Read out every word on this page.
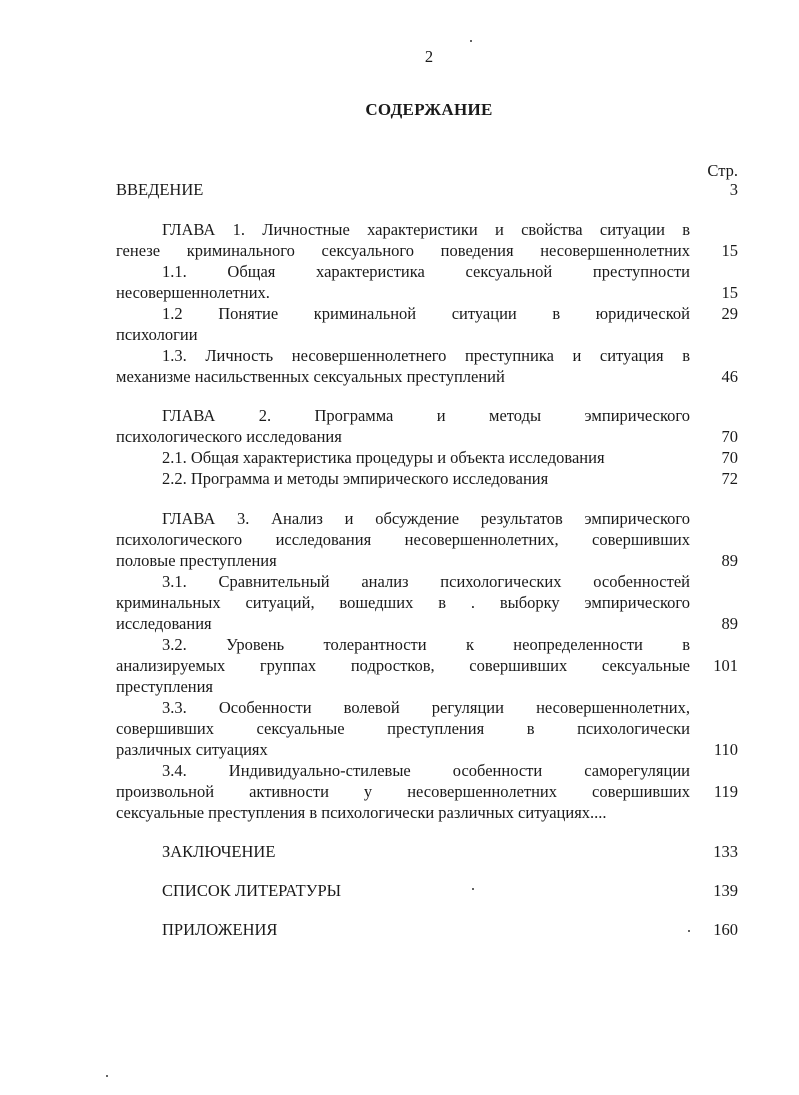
2
СОДЕРЖАНИЕ
Стр.
ВВЕДЕНИЕ	3
ГЛАВА 1. Личностные характеристики и свойства ситуации в
генезе криминального сексуального поведения несовершеннолетних	15
1.1. Общая характеристика сексуальной преступности
несовершеннолетних.	15
1.2 Понятие криминальной ситуации в юридической	29
психологии
1.3. Личность несовершеннолетнего преступника и ситуация в
механизме насильственных сексуальных преступлений	46
ГЛАВА 2. Программа и методы эмпирического
психологического исследования	70
2.1. Общая характеристика процедуры и объекта исследования	70
2.2. Программа и методы эмпирического исследования	72
ГЛАВА 3. Анализ и обсуждение результатов эмпирического
психологического исследования несовершеннолетних, совершивших
половые преступления	89
3.1. Сравнительный анализ психологических особенностей
криминальных ситуаций, вошедших в . выборку эмпирического
исследования	89
3.2. Уровень толерантности к неопределенности в
анализируемых группах подростков, совершивших сексуальные	101
преступления
3.3. Особенности волевой регуляции несовершеннолетних,
совершивших сексуальные преступления в психологически
различных ситуациях	110
3.4. Индивидуально-стилевые особенности саморегуляции
произвольной активности у несовершеннолетних совершивших	119
сексуальные преступления в психологически различных ситуациях....
ЗАКЛЮЧЕНИЕ	133
СПИСОК ЛИТЕРАТУРЫ	139
ПРИЛОЖЕНИЯ	160
